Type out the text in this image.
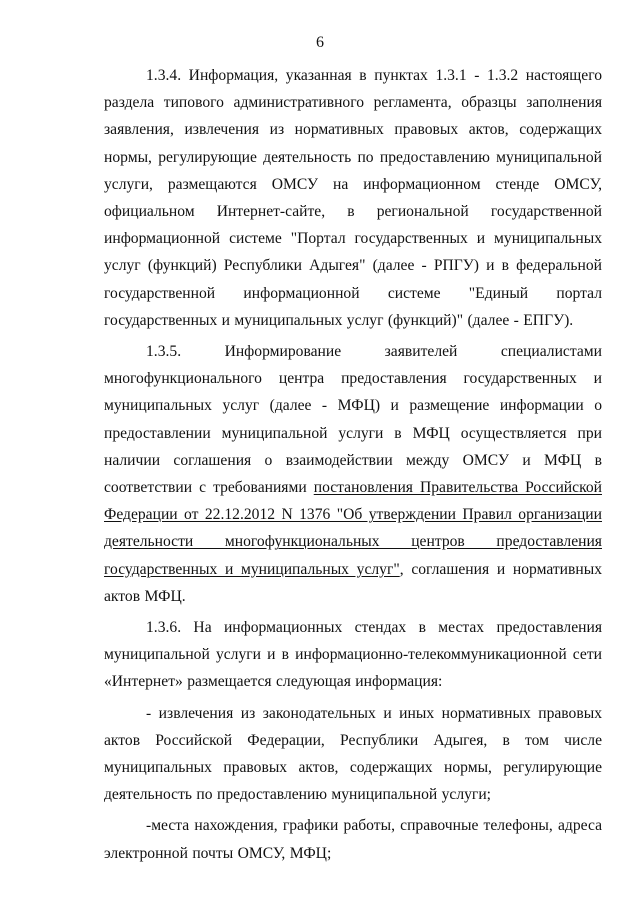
6

1.3.4. Информация, указанная в пунктах 1.3.1 - 1.3.2 настоящего раздела типового административного регламента, образцы заполнения заявления, извлечения из нормативных правовых актов, содержащих нормы, регулирующие деятельность по предоставлению муниципальной услуги, размещаются ОМСУ на информационном стенде ОМСУ, официальном Интернет-сайте, в региональной государственной информационной системе "Портал государственных и муниципальных услуг (функций) Республики Адыгея" (далее - РПГУ) и в федеральной государственной информационной системе "Единый портал государственных и муниципальных услуг (функций)" (далее - ЕПГУ).

1.3.5. Информирование заявителей специалистами многофункционального центра предоставления государственных и муниципальных услуг (далее - МФЦ) и размещение информации о предоставлении муниципальной услуги в МФЦ осуществляется при наличии соглашения о взаимодействии между ОМСУ и МФЦ в соответствии с требованиями постановления Правительства Российской Федерации от 22.12.2012 N 1376 "Об утверждении Правил организации деятельности многофункциональных центров предоставления государственных и муниципальных услуг", соглашения и нормативных актов МФЦ.

1.3.6. На информационных стендах в местах предоставления муниципальной услуги и в информационно-телекоммуникационной сети «Интернет» размещается следующая информация:

- извлечения из законодательных и иных нормативных правовых актов Российской Федерации, Республики Адыгея, в том числе муниципальных правовых актов, содержащих нормы, регулирующие деятельность по предоставлению муниципальной услуги;

-места нахождения, графики работы, справочные телефоны, адреса электронной почты ОМСУ, МФЦ;
